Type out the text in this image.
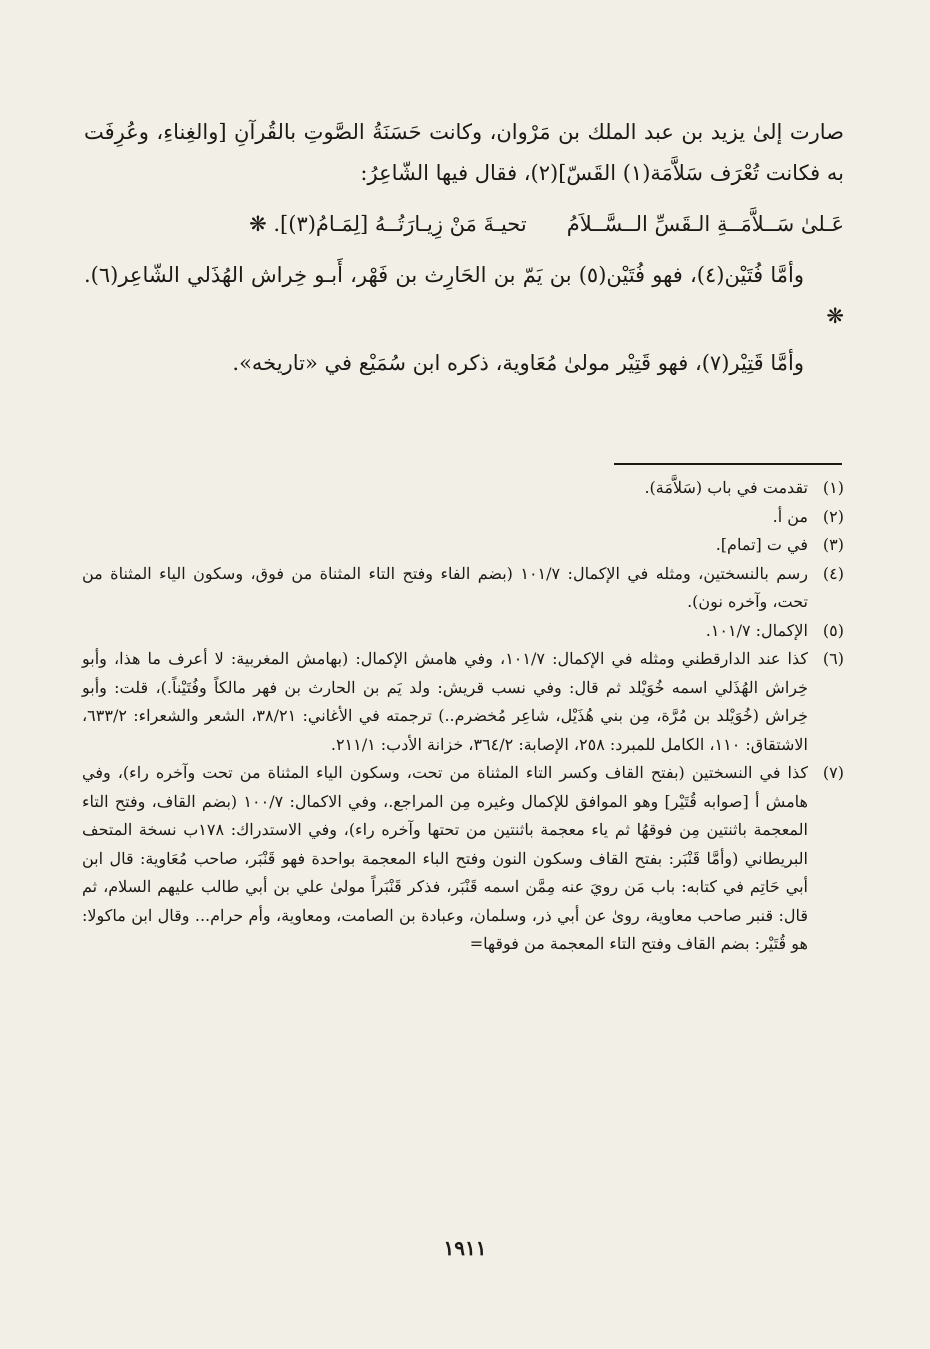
صارت إلىٰ يزيد بن عبد الملك بن مَرْوان، وكانت حَسَنَةُ الصَّوتِ بالقُرآنِ [والغِناءِ، وعُرِفَت به فكانت تُعْرَف سَلاَّمَة(١) القَسّ](٢)، فقال فيها الشّاعِرُ:

عَـلىٰ سَــلاَّمَــةِ الـقَسِّ الــسَّــلاَمُ
تحيـةَ مَنْ زِيـارَتُــهُ [لِمَـامُ(٣)]. ❋

وأمَّا فُتَيْن(٤)، فهو فُتَيْن(٥) بن يَمّ بن الحَارِث بن فَهْر، أَبـو خِراش الهُذَلي الشّاعِر(٦). ❋

وأمَّا قَتِيْر(٧)، فهو قَتِيْر مولىٰ مُعَاوية، ذكره ابن سُمَيْع في «تاريخه».

(١)
تقدمت في باب (سَلاَّمَة).
(٢)
من أ.
(٣)
في ت [تمام].
(٤)
رسم بالنسختين، ومثله في الإكمال: ١٠١/٧ (بضم الفاء وفتح التاء المثناة من فوق، وسكون الياء المثناة من تحت، وآخره نون).
(٥)
الإكمال: ١٠١/٧.
(٦)
كذا عند الدارقطني ومثله في الإكمال: ١٠١/٧، وفي هامش الإكمال: (بهامش المغربية: لا أعرف ما هذا، وأبو خِراش الهُذَلي اسمه خُوَيْلد ثم قال: وفي نسب قريش: ولد يَم بن الحارث بن فهر مالكاً وفُتَيْناً.)، قلت: وأبو خِراش (خُوَيْلد بن مُرَّة، مِن بني هُذَيْل، شاعِر مُخضرم..) ترجمته في الأغاني: ٣٨/٢١، الشعر والشعراء: ٦٣٣/٢، الاشتقاق: ١١٠، الكامل للمبرد: ٢٥٨، الإصابة: ٣٦٤/٢، خزانة الأدب: ٢١١/١.
(٧)
كذا في النسختين (بفتح القاف وكسر التاء المثناة من تحت، وسكون الياء المثناة من تحت وآخره راء)، وفي هامش أ [صوابه قُتَيْر] وهو الموافق للإكمال وغيره مِن المراجع.، وفي الاكمال: ١٠٠/٧ (بضم القاف، وفتح التاء المعجمة باثنتين مِن فوقهُا ثم ياء معجمة باثنتين من تحتها وآخره راء)، وفي الاستدراك: ١٧٨ب نسخة المتحف البريطاني (وأمَّا قَنْبَر: بفتح القاف وسكون النون وفتح الباء المعجمة بواحدة فهو قَنْبَر، صاحب مُعَاوية: قال ابن أبي حَاتِم في كتابه: باب مَن رويَ عنه مِمَّن اسمه قَنْبَر، فذكر قَنْبَراً مولىٰ علي بن أبي طالب عليهم السلام، ثم قال: قنبر صاحب معاوية، روىٰ عن أبي ذر، وسلمان، وعبادة بن الصامت، ومعاوية، وأم حرام... وقال ابن ماكولا: هو قُتَيْر: بضم القاف وفتح التاء المعجمة من فوقها=
١٩١١
